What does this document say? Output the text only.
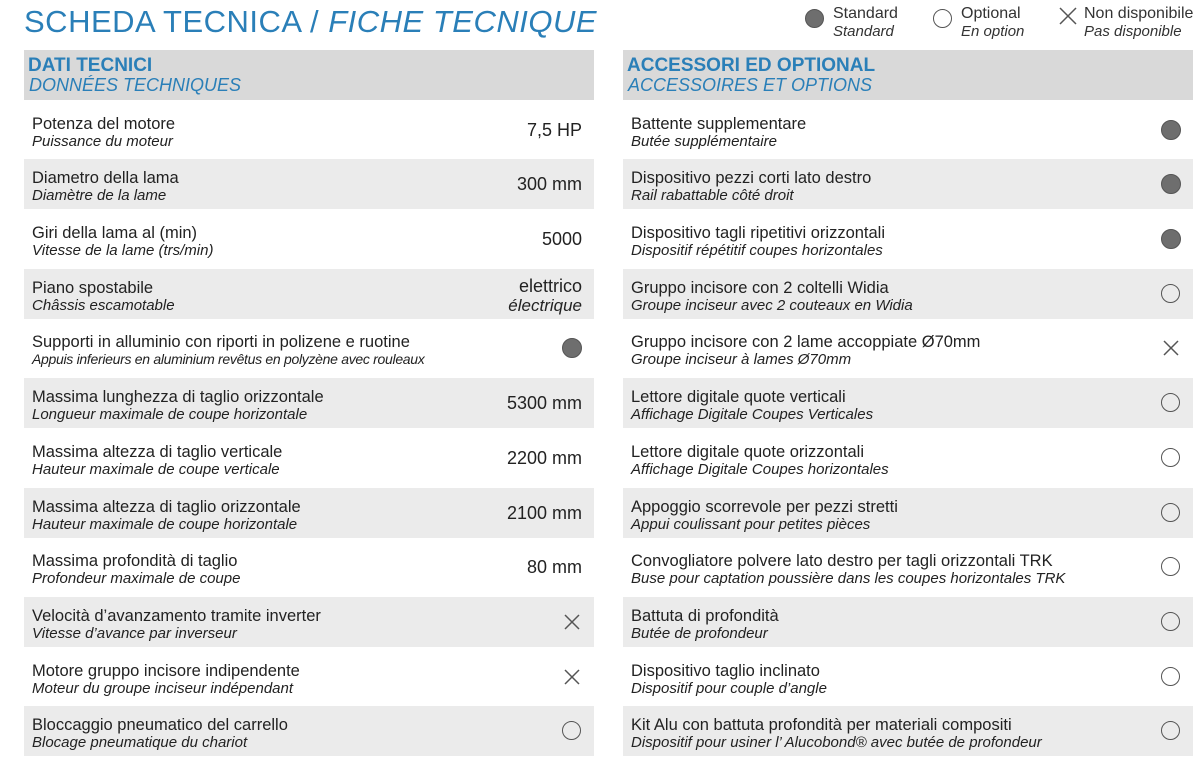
SCHEDA TECNICA / FICHE TECNIQUE	Standard
Standard
Optional
En option
Non disponibile
Pas disponible
DATI TECNICI
DONNÉES TECHNIQUES
Potenza del motore
Puissance du moteur
7,5 HP
Diametro della lama
Diamètre de la lame
300 mm
Giri della lama al (min)
Vitesse de la lame (trs/min)
5000
Piano spostabile
Châssis escamotable
elettrico
électrique
Supporti in alluminio con riporti in polizene e ruotine
Appuis inferieurs en aluminium revêtus en polyzène avec rouleaux
Massima lunghezza di taglio orizzontale
Longueur maximale de coupe horizontale
5300 mm
Massima altezza di taglio verticale
Hauteur maximale de coupe verticale
2200 mm
Massima altezza di taglio orizzontale
Hauteur maximale de coupe horizontale
2100 mm
Massima profondità di taglio
Profondeur maximale de coupe
80 mm
Velocità d’avanzamento tramite inverter
Vitesse d’avance par inverseur
Motore gruppo incisore indipendente
Moteur du groupe inciseur indépendant
Bloccaggio pneumatico del carrello
Blocage pneumatique du chariot
ACCESSORI ED OPTIONAL
ACCESSOIRES ET OPTIONS
Battente supplementare
Butée supplémentaire
Dispositivo pezzi corti lato destro
Rail rabattable côté droit
Dispositivo tagli ripetitivi orizzontali
Dispositif répétitif coupes horizontales
Gruppo incisore con 2 coltelli Widia
Groupe inciseur avec 2 couteaux en Widia
Gruppo incisore con 2 lame accoppiate Ø70mm
Groupe inciseur à lames Ø70mm
Lettore digitale quote verticali
Affichage Digitale Coupes Verticales
Lettore digitale quote orizzontali
Affichage Digitale Coupes horizontales
Appoggio scorrevole per pezzi stretti
Appui coulissant pour petites pièces
Convogliatore polvere lato destro per tagli orizzontali TRK
Buse pour captation poussière dans les coupes horizontales TRK
Battuta di profondità
Butée de profondeur
Dispositivo taglio inclinato
Dispositif pour couple d’angle
Kit Alu con battuta profondità per materiali compositi
Dispositif pour usiner l’ Alucobond® avec butée de profondeur
